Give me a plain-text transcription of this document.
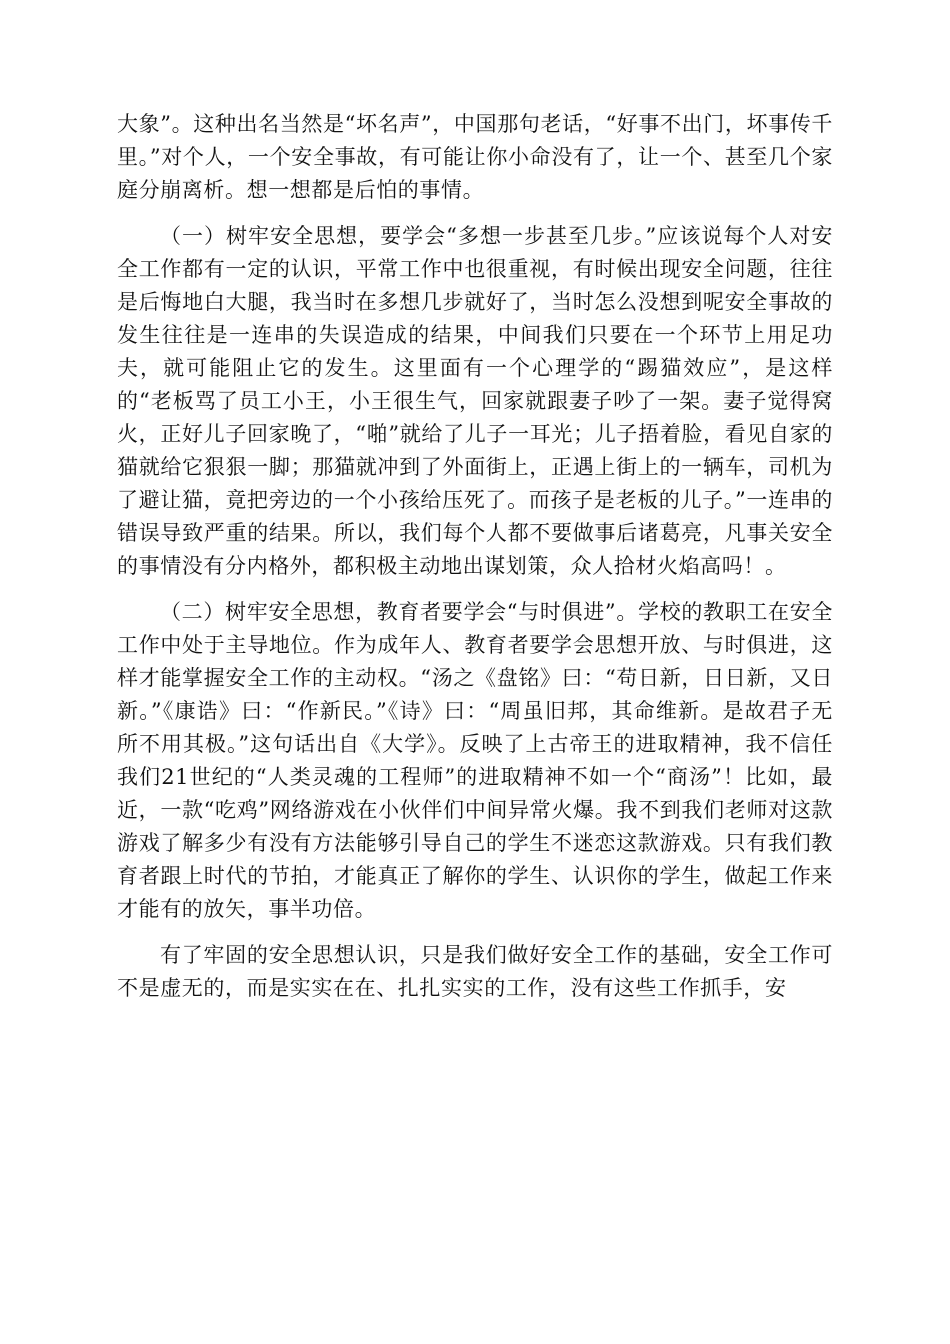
大象”。这种出名当然是“坏名声”，中国那句老话，“好事不出门，坏事传千里。”对个人，一个安全事故，有可能让你小命没有了，让一个、甚至几个家庭分崩离析。想一想都是后怕的事情。

（一）树牢安全思想，要学会“多想一步甚至几步。”应该说每个人对安全工作都有一定的认识，平常工作中也很重视，有时候出现安全问题，往往是后悔地白大腿，我当时在多想几步就好了，当时怎么没想到呢安全事故的发生往往是一连串的失误造成的结果，中间我们只要在一个环节上用足功夫，就可能阻止它的发生。这里面有一个心理学的“踢猫效应”，是这样的“老板骂了员工小王，小王很生气，回家就跟妻子吵了一架。妻子觉得窝火，正好儿子回家晚了，“啪”就给了儿子一耳光；儿子捂着脸，看见自家的猫就给它狠狠一脚；那猫就冲到了外面街上，正遇上街上的一辆车，司机为了避让猫，竟把旁边的一个小孩给压死了。而孩子是老板的儿子。”一连串的错误导致严重的结果。所以，我们每个人都不要做事后诸葛亮，凡事关安全的事情没有分内格外，都积极主动地出谋划策，众人拾材火焰高吗！。

（二）树牢安全思想，教育者要学会“与时俱进”。学校的教职工在安全工作中处于主导地位。作为成年人、教育者要学会思想开放、与时俱进，这样才能掌握安全工作的主动权。“汤之《盘铭》曰：“苟日新，日日新，又日新。”《康诰》曰：“作新民。”《诗》曰：“周虽旧邦，其命维新。是故君子无所不用其极。”这句话出自《大学》。反映了上古帝王的进取精神，我不信任我们21世纪的“人类灵魂的工程师”的进取精神不如一个“商汤”！比如，最近，一款“吃鸡”网络游戏在小伙伴们中间异常火爆。我不到我们老师对这款游戏了解多少有没有方法能够引导自己的学生不迷恋这款游戏。只有我们教育者跟上时代的节拍，才能真正了解你的学生、认识你的学生，做起工作来才能有的放矢，事半功倍。

有了牢固的安全思想认识，只是我们做好安全工作的基础，安全工作可不是虚无的，而是实实在在、扎扎实实的工作，没有这些工作抓手，安
